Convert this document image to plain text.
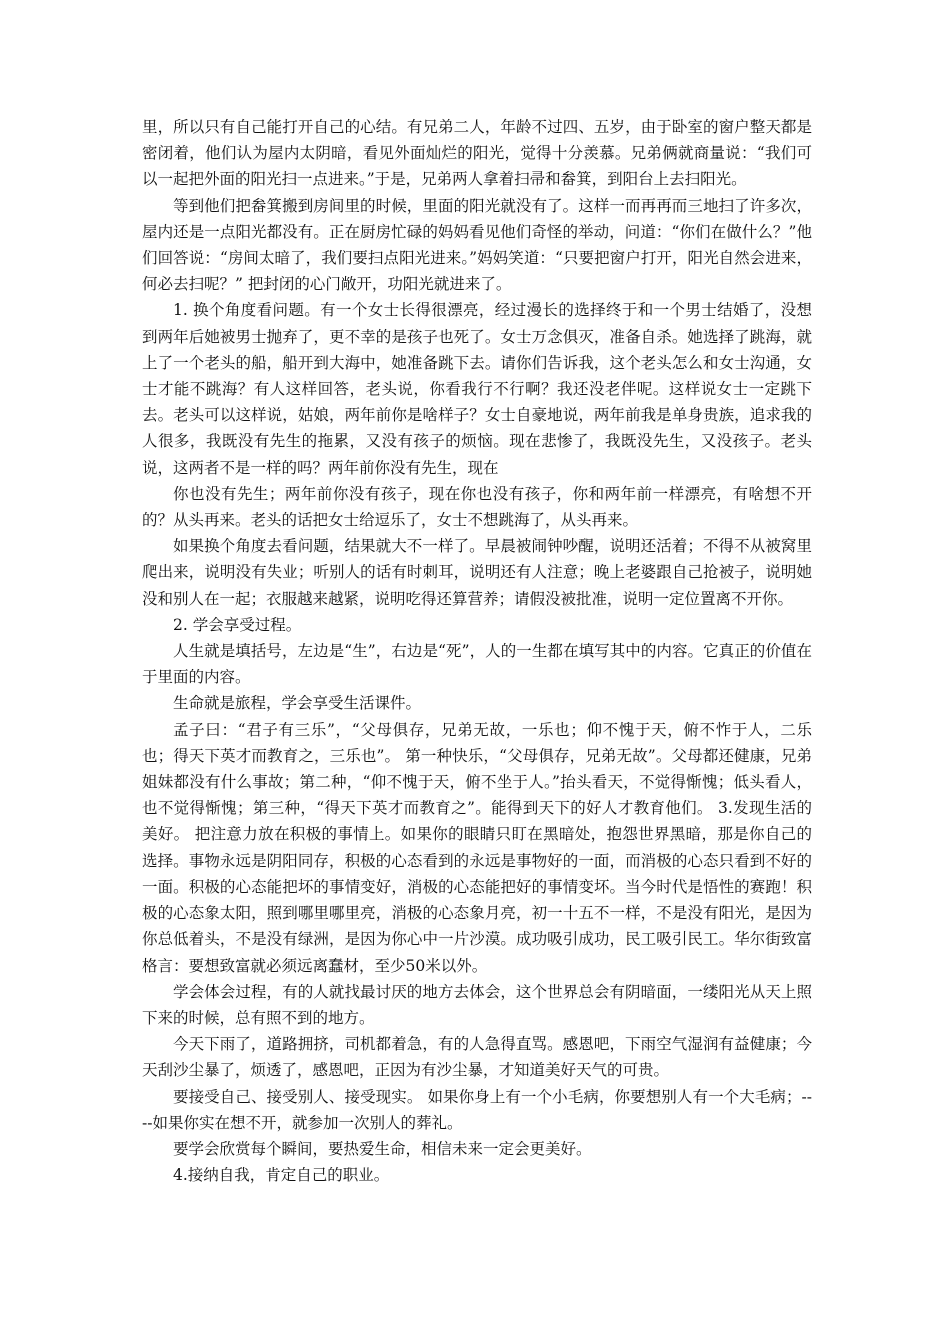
里，所以只有自己能打开自己的心结。有兄弟二人，年龄不过四、五岁，由于卧室的窗户整天都是密闭着，他们认为屋内太阴暗，看见外面灿烂的阳光，觉得十分羡慕。兄弟俩就商量说：“我们可以一起把外面的阳光扫一点进来。”于是，兄弟两人拿着扫帚和畚箕，到阳台上去扫阳光。

等到他们把畚箕搬到房间里的时候，里面的阳光就没有了。这样一而再再而三地扫了许多次，屋内还是一点阳光都没有。正在厨房忙碌的妈妈看见他们奇怪的举动，问道：“你们在做什么？”他们回答说：“房间太暗了，我们要扫点阳光进来。”妈妈笑道：“只要把窗户打开，阳光自然会进来，何必去扫呢？” 把封闭的心门敞开，功阳光就进来了。

1. 换个角度看问题。有一个女士长得很漂亮，经过漫长的选择终于和一个男士结婚了，没想到两年后她被男士抛弃了，更不幸的是孩子也死了。女士万念俱灭，准备自杀。她选择了跳海，就上了一个老头的船，船开到大海中，她准备跳下去。请你们告诉我，这个老头怎么和女士沟通，女士才能不跳海？有人这样回答，老头说，你看我行不行啊？我还没老伴呢。这样说女士一定跳下去。老头可以这样说，姑娘，两年前你是啥样子？女士自豪地说，两年前我是单身贵族，追求我的人很多，我既没有先生的拖累，又没有孩子的烦恼。现在悲惨了，我既没先生，又没孩子。老头说，这两者不是一样的吗？两年前你没有先生，现在

你也没有先生；两年前你没有孩子，现在你也没有孩子，你和两年前一样漂亮，有啥想不开的？从头再来。老头的话把女士给逗乐了，女士不想跳海了，从头再来。

如果换个角度去看问题，结果就大不一样了。早晨被闹钟吵醒，说明还活着；不得不从被窝里爬出来，说明没有失业；听别人的话有时刺耳，说明还有人注意；晚上老婆跟自己抢被子，说明她没和别人在一起；衣服越来越紧，说明吃得还算营养；请假没被批准，说明一定位置离不开你。

2. 学会享受过程。

人生就是填括号，左边是“生”，右边是“死”，人的一生都在填写其中的内容。它真正的价值在于里面的内容。

生命就是旅程，学会享受生活课件。

孟子曰：“君子有三乐”，“父母俱存，兄弟无故，一乐也；仰不愧于天，俯不怍于人，二乐也；得天下英才而教育之，三乐也”。 第一种快乐，“父母俱存，兄弟无故”。父母都还健康，兄弟姐妹都没有什么事故；第二种，“仰不愧于天，俯不坐于人。”抬头看天，不觉得惭愧；低头看人，也不觉得惭愧；第三种，“得天下英才而教育之”。能得到天下的好人才教育他们。 3.发现生活的美好。 把注意力放在积极的事情上。如果你的眼睛只盯在黑暗处，抱怨世界黑暗，那是你自己的选择。事物永远是阴阳同存，积极的心态看到的永远是事物好的一面，而消极的心态只看到不好的一面。积极的心态能把坏的事情变好，消极的心态能把好的事情变坏。当今时代是悟性的赛跑！积极的心态象太阳，照到哪里哪里亮，消极的心态象月亮，初一十五不一样，不是没有阳光，是因为你总低着头，不是没有绿洲，是因为你心中一片沙漠。成功吸引成功，民工吸引民工。华尔街致富格言：要想致富就必须远离蠢材，至少50米以外。

学会体会过程，有的人就找最讨厌的地方去体会，这个世界总会有阴暗面，一缕阳光从天上照下来的时候，总有照不到的地方。

今天下雨了，道路拥挤，司机都着急，有的人急得直骂。感恩吧，下雨空气湿润有益健康；今天刮沙尘暴了，烦透了，感恩吧，正因为有沙尘暴，才知道美好天气的可贵。

要接受自己、接受别人、接受现实。 如果你身上有一个小毛病，你要想别人有一个大毛病；----如果你实在想不开，就参加一次别人的葬礼。

要学会欣赏每个瞬间，要热爱生命，相信未来一定会更美好。

4.接纳自我，肯定自己的职业。
